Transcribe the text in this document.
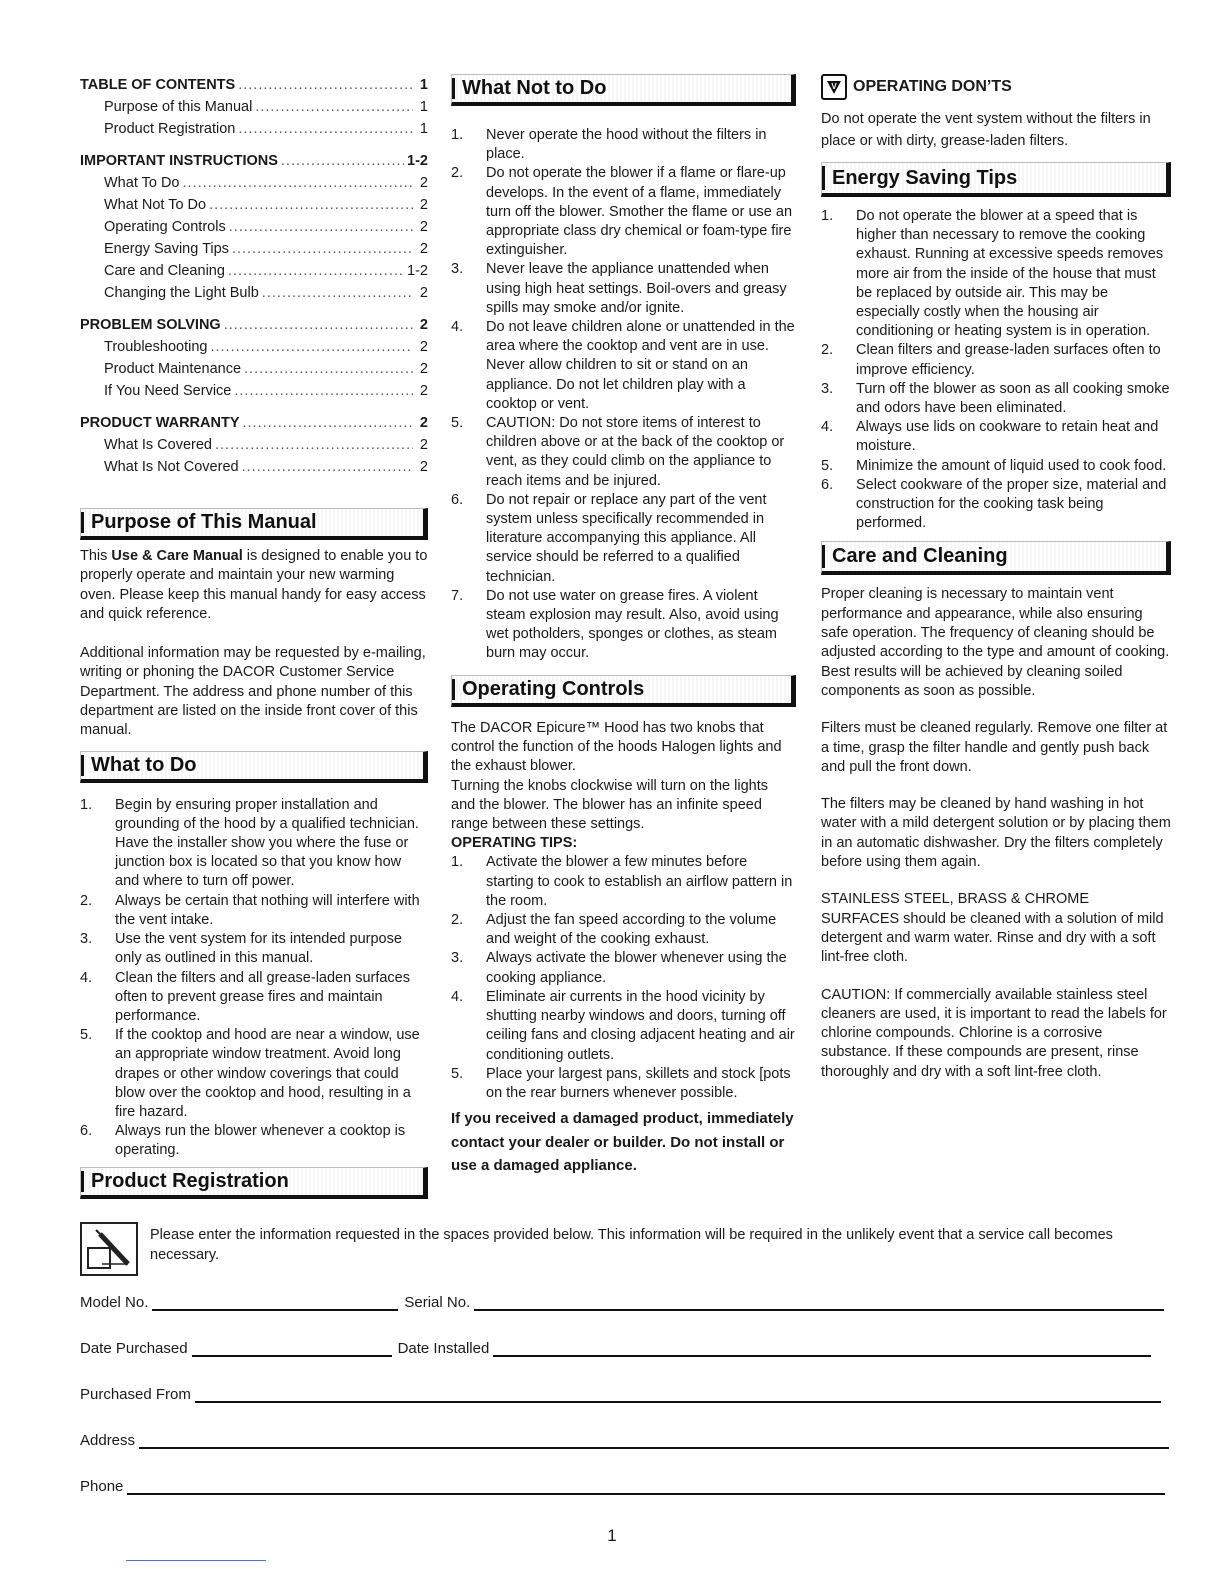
TABLE OF CONTENTS .....	1
Purpose of this Manual .....	1
Product Registration .....	1
IMPORTANT INSTRUCTIONS .....	1-2
What To Do .....	2
What Not To Do .....	2
Operating Controls .....	2
Energy Saving Tips .....	2
Care and Cleaning .....	1-2
Changing the Light Bulb .....	2
PROBLEM SOLVING .....	2
Troubleshooting .....	2
Product Maintenance .....	2
If You Need Service .....	2
PRODUCT WARRANTY .....	2
What Is Covered .....	2
What Is Not Covered .....	2
Purpose of This Manual

This Use & Care Manual is designed to enable you to properly operate and maintain your new warming oven. Please keep this manual handy for easy access and quick reference.

Additional information may be requested by e-mailing, writing or phoning the DACOR Customer Service Department. The address and phone number of this department are listed on the inside front cover of this manual.

What to Do
1.	Begin by ensuring proper installation and grounding of the hood by a qualified technician. Have the installer show you where the fuse or junction box is located so that you know how and where to turn off power.
2.	Always be certain that nothing will interfere with the vent intake.
3.	Use the vent system for its intended purpose only as outlined in this manual.
4.	Clean the filters and all grease-laden surfaces often to prevent grease fires and maintain performance.
5.	If the cooktop and hood are near a window, use an appropriate window treatment. Avoid long drapes or other window coverings that could blow over the cooktop and hood, resulting in a fire hazard.
6.	Always run the blower whenever a cooktop is operating.
Product Registration
What Not to Do
1.	Never operate the hood without the filters in place.
2.	Do not operate the blower if a flame or flare-up develops. In the event of a flame, immediately turn off the blower. Smother the flame or use an appropriate class dry chemical or foam-type fire extinguisher.
3.	Never leave the appliance unattended when using high heat settings. Boil-overs and greasy spills may smoke and/or ignite.
4.	Do not leave children alone or unattended in the area where the cooktop and vent are in use. Never allow children to sit or stand on an appliance. Do not let children play with a cooktop or vent.
5.	CAUTION: Do not store items of interest to children above or at the back of the cooktop or vent, as they could climb on the appliance to reach items and be injured.
6.	Do not repair or replace any part of the vent system unless specifically recommended in literature accompanying this appliance. All service should be referred to a qualified technician.
7.	Do not use water on grease fires. A violent steam explosion may result. Also, avoid using wet potholders, sponges or clothes, as steam burn may occur.
Operating Controls

The DACOR Epicure™ Hood has two knobs that control the function of the hoods Halogen lights and the exhaust blower.

Turning the knobs clockwise will turn on the lights and the blower. The blower has an infinite speed range between these settings.

OPERATING TIPS:
1.	Activate the blower a few minutes before starting to cook to establish an airflow pattern in the room.
2.	Adjust the fan speed according to the volume and weight of the cooking exhaust.
3.	Always activate the blower whenever using the cooking appliance.
4.	Eliminate air currents in the hood vicinity by shutting nearby windows and doors, turning off ceiling fans and closing adjacent heating and air conditioning outlets.
5.	Place your largest pans, skillets and stock [pots on the rear burners whenever possible.
If you received a damaged product, immediately contact your dealer or builder. Do not install or use a damaged appliance.
V OPERATING DON’TS

Do not operate the vent system without the filters in place or with dirty, grease-laden filters.

Energy Saving Tips
1.	Do not operate the blower at a speed that is higher than necessary to remove the cooking exhaust. Running at excessive speeds removes more air from the inside of the house that must be replaced by outside air. This may be especially costly when the housing air conditioning or heating system is in operation.
2.	Clean filters and grease-laden surfaces often to improve efficiency.
3.	Turn off the blower as soon as all cooking smoke and odors have been eliminated.
4.	Always use lids on cookware to retain heat and moisture.
5.	Minimize the amount of liquid used to cook food.
6.	Select cookware of the proper size, material and construction for the cooking task being performed.
Care and Cleaning

Proper cleaning is necessary to maintain vent performance and appearance, while also ensuring safe operation. The frequency of cleaning should be adjusted according to the type and amount of cooking. Best results will be achieved by cleaning soiled components as soon as possible.

Filters must be cleaned regularly. Remove one filter at a time, grasp the filter handle and gently push back and pull the front down.

The filters may be cleaned by hand washing in hot water with a mild detergent solution or by placing them in an automatic dishwasher. Dry the filters completely before using them again.

STAINLESS STEEL, BRASS & CHROME SURFACES should be cleaned with a solution of mild detergent and warm water. Rinse and dry with a soft lint-free cloth.

CAUTION: If commercially available stainless steel cleaners are used, it is important to read the labels for chlorine compounds. Chlorine is a corrosive substance. If these compounds are present, rinse thoroughly and dry with a soft lint-free cloth.

Please enter the information requested in the spaces provided below. This information will be required in the unlikely event that a service call becomes necessary.
Model No.	Serial No.
Date Purchased	Date Installed
Purchased From
Address
Phone
1
